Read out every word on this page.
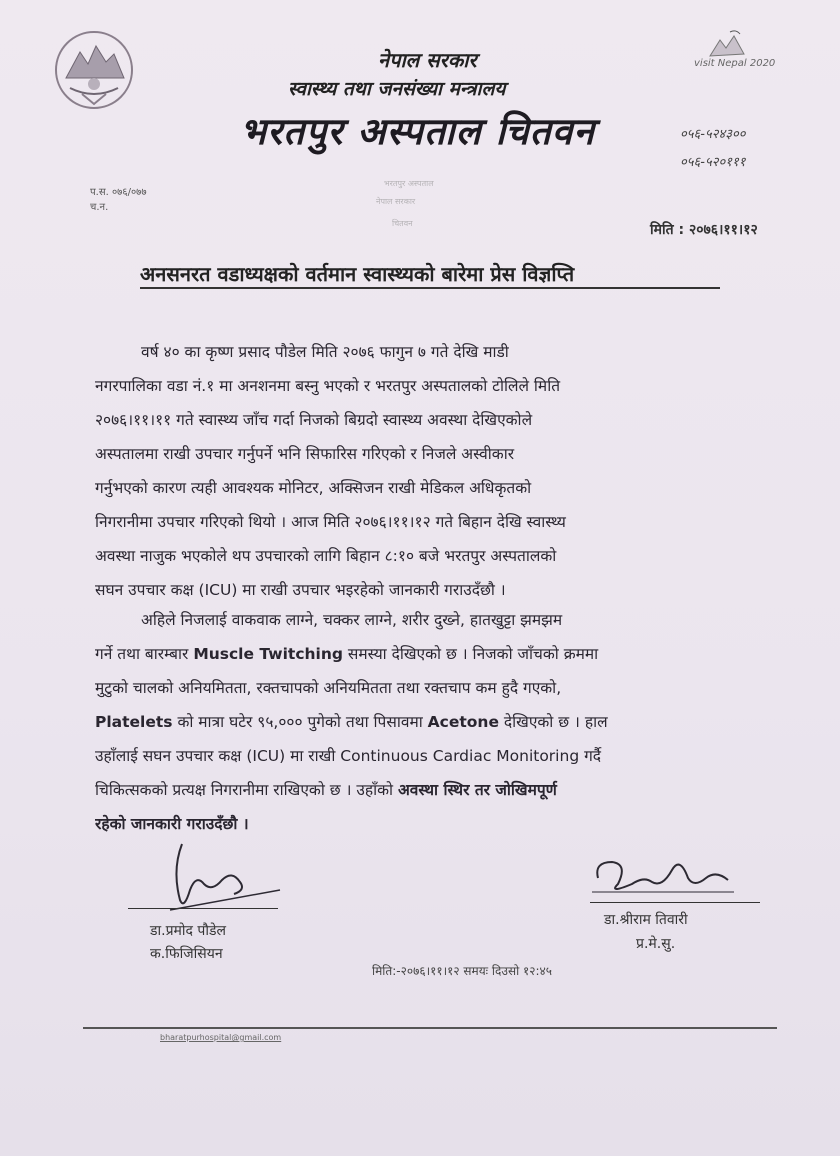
visit Nepal 2020
नेपाल सरकार
स्वास्थ्य तथा जनसंख्या मन्त्रालय
भरतपुर अस्पताल चितवन	०५६-५२४३००
०५६-५२०१११
प.स. ०७६/०७७
च.न.
भरतपुर अस्पताल
नेपाल सरकार
चितवन	मिति : २०७६।११।१२
अनसनरत वडाध्यक्षको वर्तमान स्वास्थ्यको बारेमा प्रेस विज्ञप्ति
वर्ष ४० का कृष्ण प्रसाद पौडेल मिति २०७६ फागुन ७ गते देखि माडी
नगरपालिका वडा नं.१ मा अनशनमा बस्नु भएको र भरतपुर अस्पतालको टोलिले मिति
२०७६।११।११ गते स्वास्थ्य जाँच गर्दा निजको बिग्रदो स्वास्थ्य अवस्था देखिएकोले
अस्पतालमा राखी उपचार गर्नुपर्ने भनि सिफारिस गरिएको र निजले अस्वीकार
गर्नुभएको कारण त्यही आवश्यक मोनिटर, अक्सिजन राखी मेडिकल अधिकृतको
निगरानीमा उपचार गरिएको थियो । आज मिति २०७६।११।१२ गते बिहान देखि स्वास्थ्य
अवस्था नाजुक भएकोले थप उपचारको लागि बिहान ८:१० बजे भरतपुर अस्पतालको
सघन उपचार कक्ष (ICU) मा राखी उपचार भइरहेको जानकारी गराउदँछौ ।
अहिले निजलाई वाकवाक लाग्ने, चक्कर लाग्ने, शरीर दुख्ने, हातखुट्टा झमझम
गर्ने तथा बारम्बार Muscle Twitching समस्या देखिएको छ । निजको जाँचको क्रममा
मुटुको चालको अनियमितता, रक्तचापको अनियमितता तथा रक्तचाप कम हुदै गएको,
Platelets को मात्रा घटेर ९५,००० पुगेको तथा पिसावमा Acetone देखिएको छ । हाल
उहाँलाई सघन उपचार कक्ष (ICU) मा राखी Continuous Cardiac Monitoring गर्दै
चिकित्सकको प्रत्यक्ष निगरानीमा राखिएको छ । उहाँको अवस्था स्थिर तर जोखिमपूर्ण
रहेको जानकारी गराउदँछौ ।
डा.प्रमोद पौडेल
क.फिजिसियन
डा.श्रीराम तिवारी
प्र.मे.सु.
मिति:-२०७६।११।१२ समयः दिउसो १२:४५
bharatpurhospital@gmail.com
